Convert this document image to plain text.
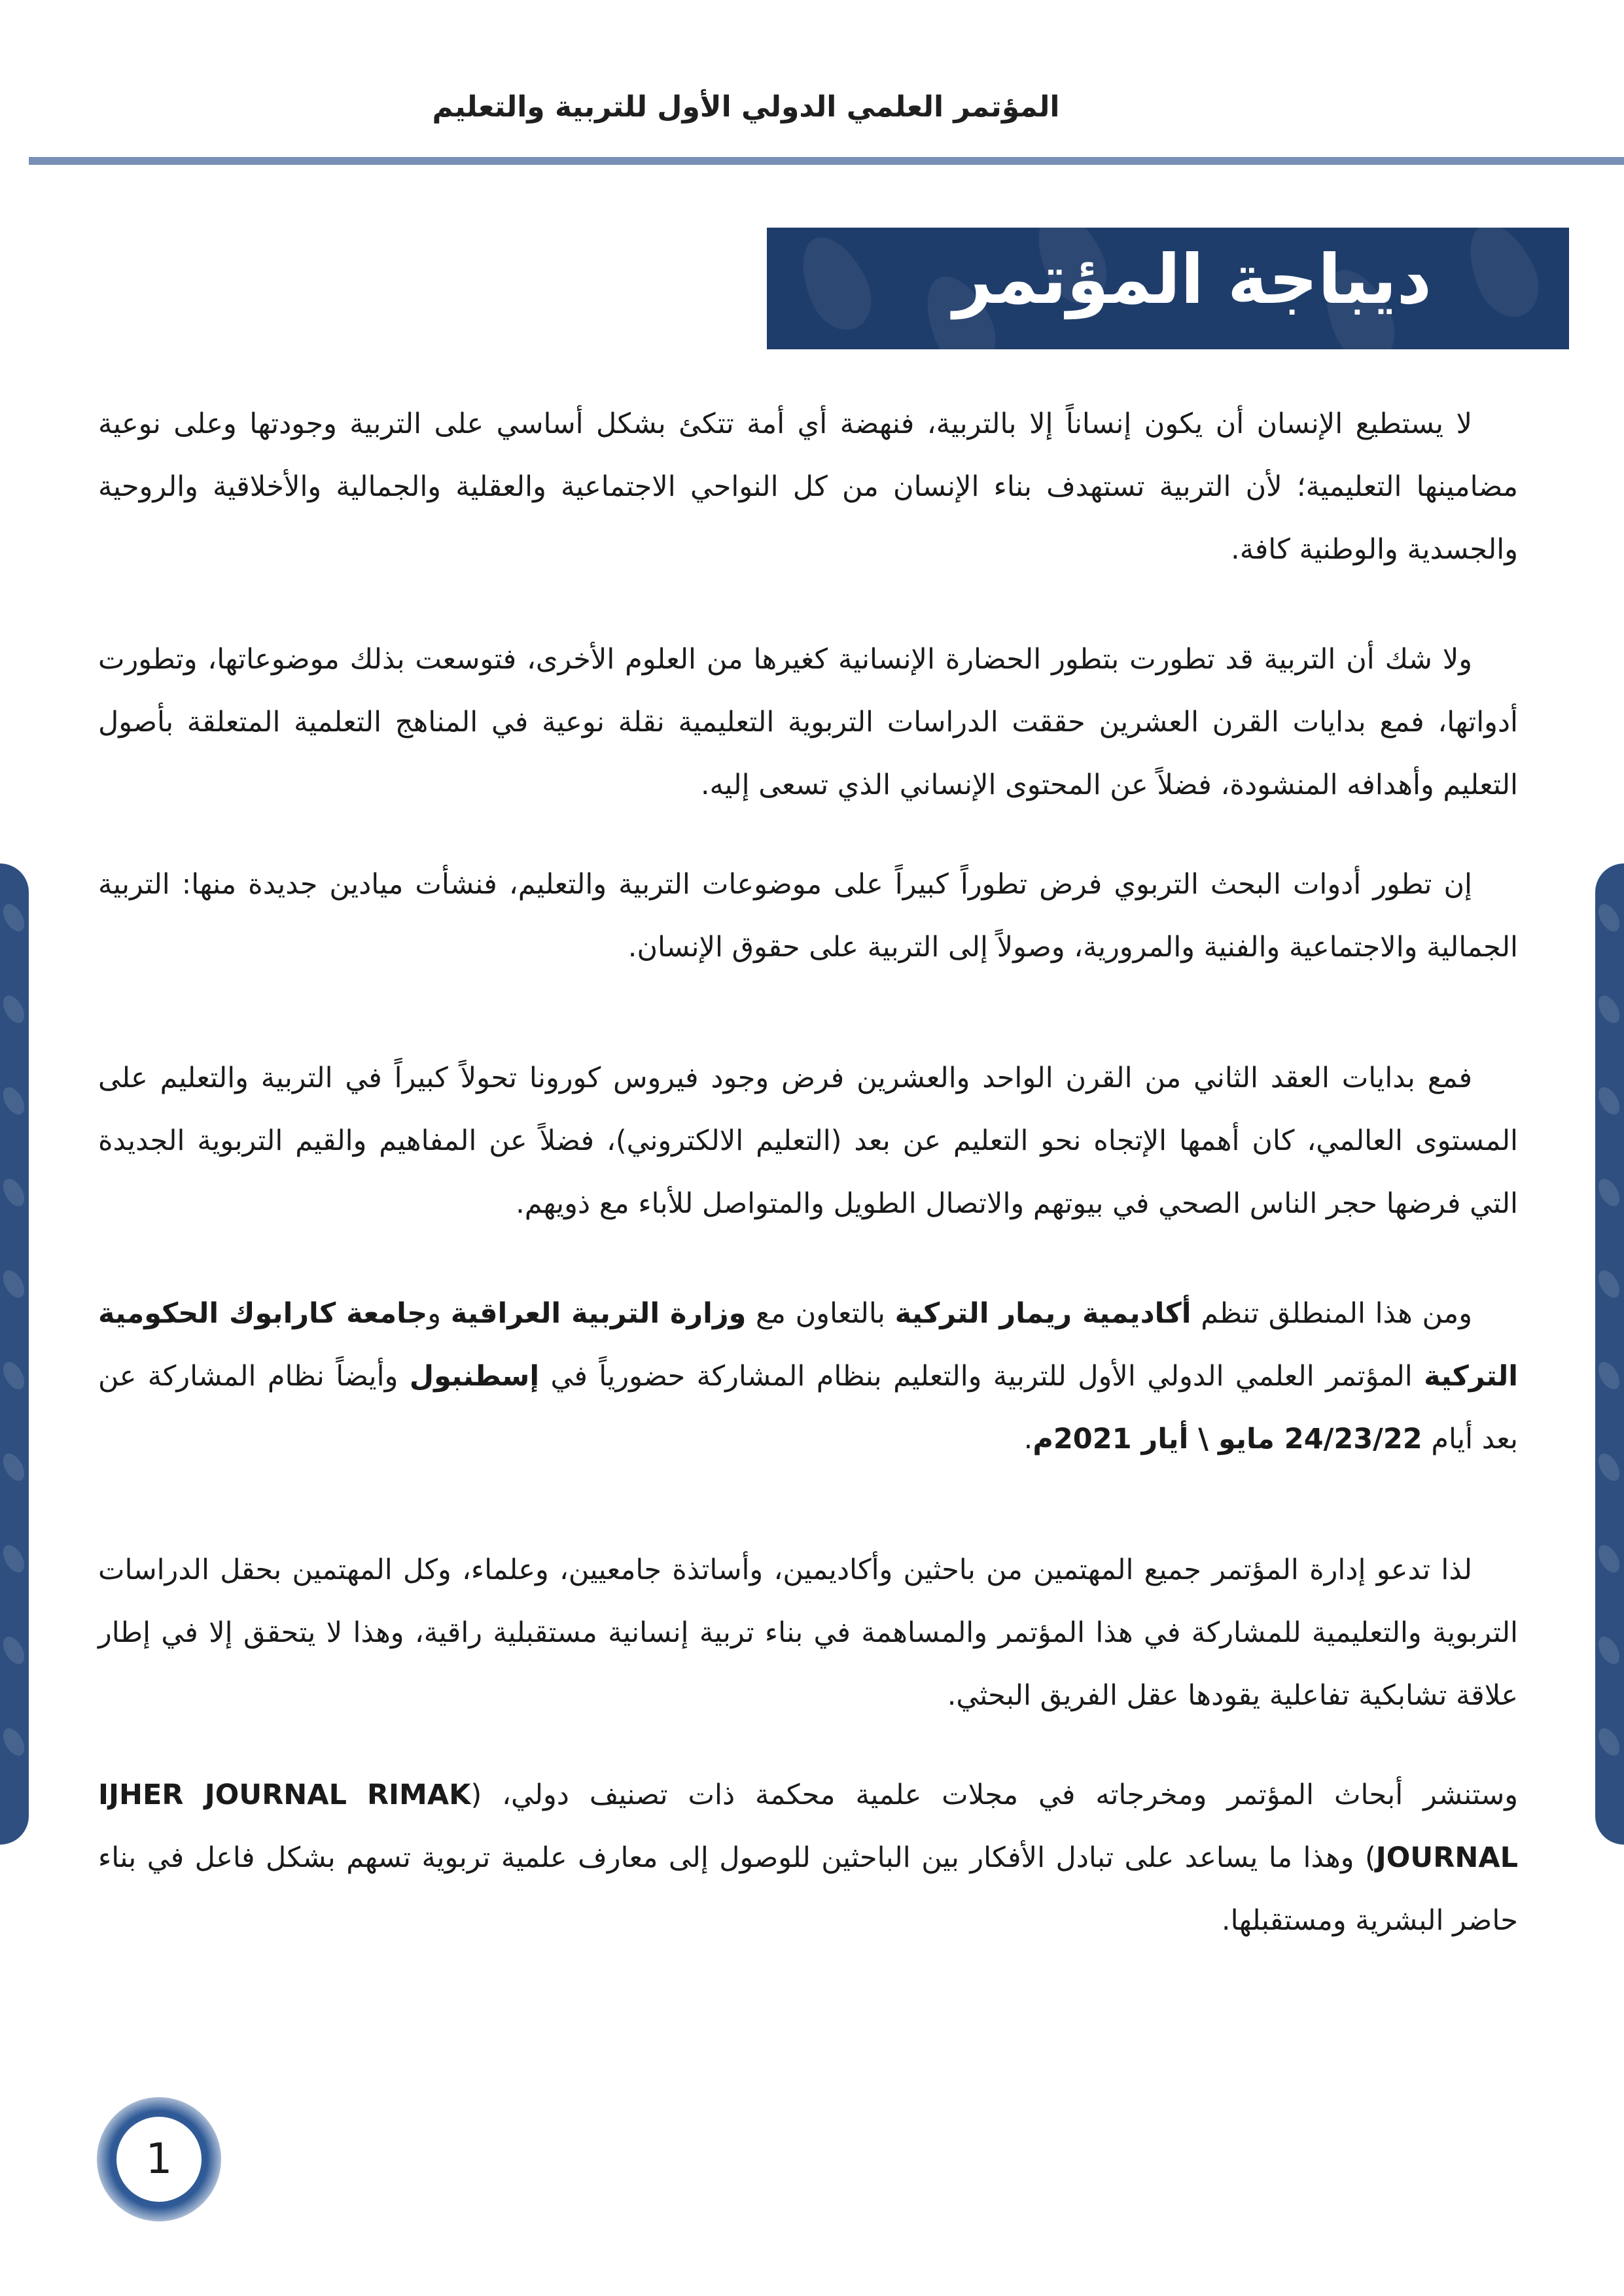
المؤتمر العلمي الدولي الأول للتربية والتعليم
ديباجة المؤتمر

لا يستطيع الإنسان أن يكون إنساناً إلا بالتربية، فنهضة أي أمة تتكئ بشكل أساسي على التربية وجودتها وعلى نوعية مضامينها التعليمية؛ لأن التربية تستهدف بناء الإنسان من كل النواحي الاجتماعية والعقلية والجمالية والأخلاقية والروحية والجسدية والوطنية كافة.

ولا شك أن التربية قد تطورت بتطور الحضارة الإنسانية كغيرها من العلوم الأخرى، فتوسعت بذلك موضوعاتها، وتطورت أدواتها، فمع بدايات القرن العشرين حققت الدراسات التربوية التعليمية نقلة نوعية في المناهج التعلمية المتعلقة بأصول التعليم وأهدافه المنشودة، فضلاً عن المحتوى الإنساني الذي تسعى إليه.

إن تطور أدوات البحث التربوي فرض تطوراً كبيراً على موضوعات التربية والتعليم، فنشأت ميادين جديدة منها: التربية الجمالية والاجتماعية والفنية والمرورية، وصولاً إلى التربية على حقوق الإنسان.

فمع بدايات العقد الثاني من القرن الواحد والعشرين فرض وجود فيروس كورونا تحولاً كبيراً في التربية والتعليم على المستوى العالمي، كان أهمها الإتجاه نحو التعليم عن بعد (التعليم الالكتروني)، فضلاً عن المفاهيم والقيم التربوية الجديدة التي فرضها حجر الناس الصحي في بيوتهم والاتصال الطويل والمتواصل للأباء مع ذويهم.

ومن هذا المنطلق تنظم أكاديمية ريمار التركية بالتعاون مع وزارة التربية العراقية وجامعة كارابوك الحكومية التركية المؤتمر العلمي الدولي الأول للتربية والتعليم بنظام المشاركة حضورياً في إسطنبول وأيضاً نظام المشاركة عن بعد أيام 24/23/22 مايو \ أيار 2021م.

لذا تدعو إدارة المؤتمر جميع المهتمين من باحثين وأكاديمين، وأساتذة جامعيين، وعلماء، وكل المهتمين بحقل الدراسات التربوية والتعليمية للمشاركة في هذا المؤتمر والمساهمة في بناء تربية إنسانية مستقبلية راقية، وهذا لا يتحقق إلا في إطار علاقة تشابكية تفاعلية يقودها عقل الفريق البحثي.

وستنشر أبحاث المؤتمر ومخرجاته في مجلات علمية محكمة ذات تصنيف دولي، (IJHER JOURNAL RIMAK JOURNAL) وهذا ما يساعد على تبادل الأفكار بين الباحثين للوصول إلى معارف علمية تربوية تسهم بشكل فاعل في بناء حاضر البشرية ومستقبلها.

1
